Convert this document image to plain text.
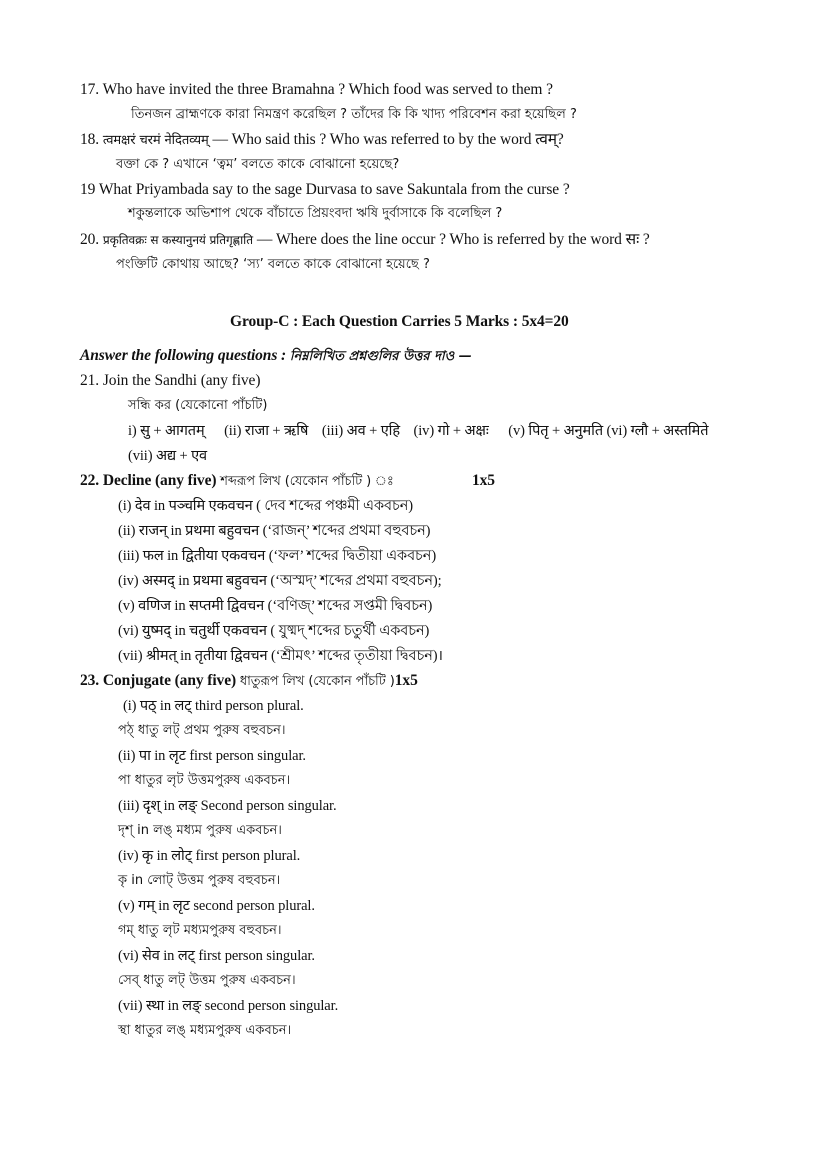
17. Who have invited the three Bramahna ? Which food was served to them ?
তিনজন ব্রাহ্মণকে কারা নিমন্ত্রণ করেছিল ? তাঁদের কি কি খাদ্য পরিবেশন করা হয়েছিল ?
18. त्वमक्षरं चरमं नेदितव्यम् — Who said this ? Who was referred to by the word त्वम्?
বক্তা কে ? এখানে ‘ত্বম’ বলতে কাকে বোঝানো হয়েছে?
19 What Priyambada say to the sage Durvasa to save Sakuntala from the curse ?
শকুন্তলাকে অভিশাপ থেকে বাঁচাতে প্রিয়ংবদা ঋষি দুর্বাসাকে কি বলেছিল ?
20. प्रकृतिवक्रः स कस्यानुनयं प्रतिगृह्णाति — Where does the line occur ? Who is referred by the word सः ?
পংক্তিটি কোথায় আছে? ‘স্য’ বলতে কাকে বোঝানো হয়েছে ?
Group-C : Each Question Carries 5 Marks : 5x4=20
Answer the following questions : নিম্নলিখিত প্রশ্নগুলির উত্তর দাও —
21. Join the Sandhi (any five)
সন্ধি কর (যেকোনো পাঁচটি)
i) सु + आगतम् (ii) राजा + ऋषि (iii) अव + एहि (iv) गो + अक्षः (v) पितृ + अनुमति (vi) ग्लौ + अस्तमिते
(vii) अद्य + एव
22. Decline (any five) শব্দরূপ লিখ (যেকোন পাঁচটি ) ঃ	1x5
(i) देव in पञ्चमि एकवचन ( দেব শব্দের পঞ্চমী একবচন)
(ii) राजन् in प्रथमा बहुवचन (‘রাজন্’ শব্দের প্রথমা বহুবচন)
(iii) फल in द्वितीया एकवचन (‘ফল’ শব্দের দ্বিতীয়া একবচন)
(iv) अस्मद् in प्रथमा बहुवचन (‘অস্মদ্’ শব্দের প্রথমা বহুবচন);
(v) वणिज in सप्तमी द्विवचन (‘বণিজ্’ শব্দের সপ্তমী দ্বিবচন)
(vi) युष्मद् in चतुर्थी एकवचन ( যুষ্মদ্ শব্দের চতুর্থী একবচন)
(vii) श्रीमत् in तृतीया द्विवचन (‘শ্রীমৎ’ শব্দের তৃতীয়া দ্বিবচন)।
23. Conjugate (any five) ধাতুরূপ লিখ (যেকোন পাঁচটি )1x5
(i) पठ् in लट् third person plural.
পঠ্ ধাতু লট্ প্রথম পুরুষ বহুবচন।
(ii) पा in लृट first person singular.
পা ধাতুর লৃট উত্তমপুরুষ একবচন।
(iii) दृश् in लङ् Second person singular.
দৃশ্ in লঙ্ মধ্যম পুরুষ একবচন।
(iv) कृ in लोट् first person plural.
কৃ in লোট্ উত্তম পুরুষ বহুবচন।
(v) गम् in लृट second person plural.
গম্ ধাতু লৃট মধ্যমপুরুষ বহুবচন।
(vi) सेव in लट् first person singular.
সেব্ ধাতু লট্ উত্তম পুরুষ একবচন।
(vii) स्था in लङ् second person singular.
স্থা ধাতুর লঙ্ মধ্যমপুরুষ একবচন।
